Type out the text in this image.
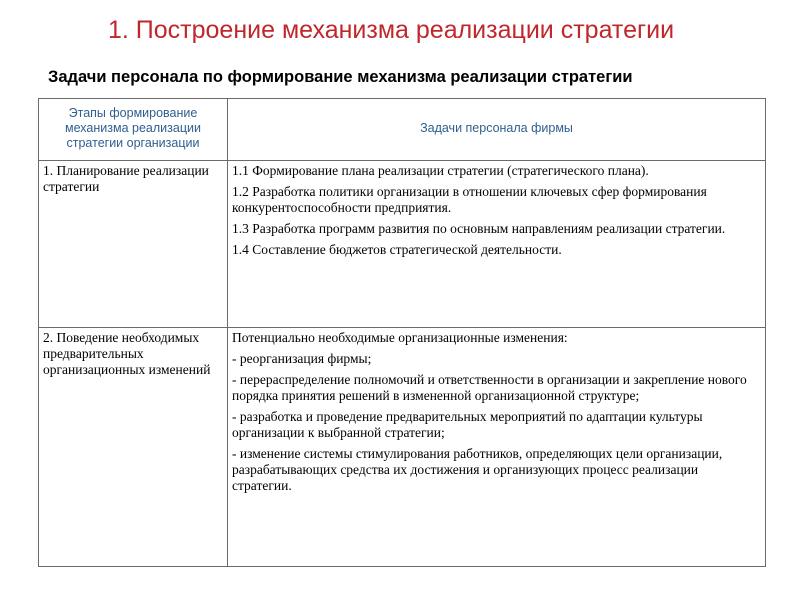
1. Построение механизма реализации стратегии
Задачи персонала по формирование механизма реализации стратегии
Этапы формирование механизма реализации стратегии организации	Задачи персонала фирмы
1. Планирование реализации стратегии	1.1 Формирование плана реализации стратегии (стратегического плана).
1.2 Разработка политики организации в отношении ключевых сфер формирования конкурентоспособности предприятия.
1.3 Разработка программ развития по основным направлениям реализации стратегии.
1.4 Составление бюджетов стратегической деятельности.

2. Поведение необходимых предварительных организационных изменений	Потенциально необходимые организационные изменения:
- реорганизация фирмы;
- перераспределение полномочий и ответственности в организации и закрепление нового порядка принятия решений в измененной организационной структуре;
- разработка и проведение предварительных мероприятий по адаптации культуры организации к выбранной стратегии;
- изменение системы стимулирования работников, определяющих цели организации, разрабатывающих средства их достижения и организующих процесс реализации стратегии.
